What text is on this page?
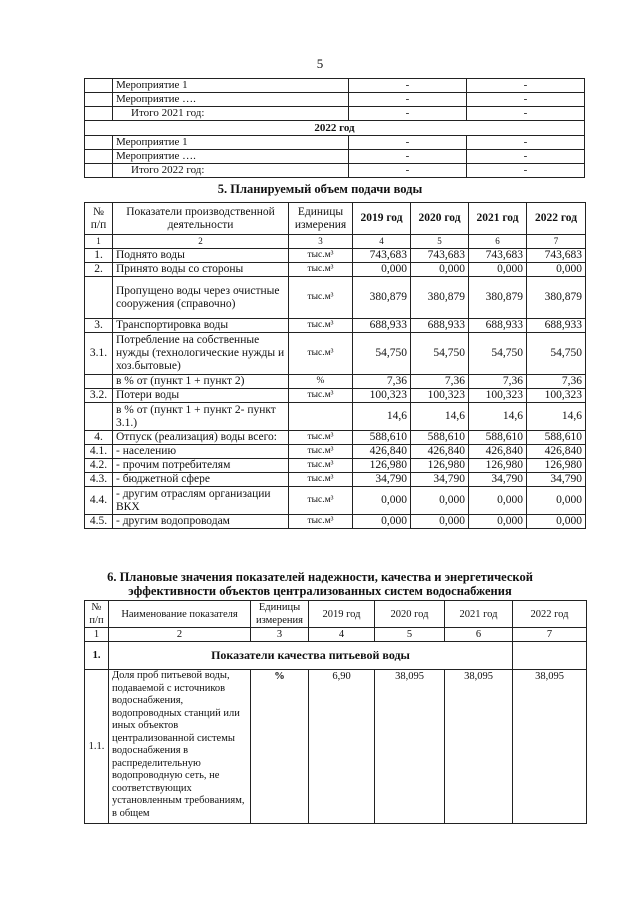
5
	Мероприятие 1	-	-
	Мероприятие ….	-	-
	Итого 2021 год:	-	-
2022 год			
	Мероприятие 1	-	-
	Мероприятие ….	-	-
	Итого 2022 год:	-	-
5. Планируемый объем подачи воды
№ п/п	Показатели производственной деятельности	Единицы измерения	2019 год	2020 год	2021 год	2022 год
1	2	3	4	5	6	7
1.	Поднято воды	тыс.м³	743,683	743,683	743,683	743,683
2.	Принято воды со стороны	тыс.м³	0,000	0,000	0,000	0,000
	Пропущено воды через очистные сооружения (справочно)	тыс.м³	380,879	380,879	380,879	380,879
3.	Транспортировка воды	тыс.м³	688,933	688,933	688,933	688,933
3.1.	Потребление на собственные нужды (технологические нужды и хоз.бытовые)	тыс.м³	54,750	54,750	54,750	54,750
	в % от (пункт 1 + пункт 2)	%	7,36	7,36	7,36	7,36
3.2.	Потери воды	тыс.м³	100,323	100,323	100,323	100,323
	в % от (пункт 1 + пункт 2- пункт 3.1.)		14,6	14,6	14,6	14,6
4.	Отпуск (реализация) воды всего:	тыс.м³	588,610	588,610	588,610	588,610
4.1.	- населению	тыс.м³	426,840	426,840	426,840	426,840
4.2.	- прочим потребителям	тыс.м³	126,980	126,980	126,980	126,980
4.3.	- бюджетной сфере	тыс.м³	34,790	34,790	34,790	34,790
4.4.	- другим отраслям организации ВКХ	тыс.м³	0,000	0,000	0,000	0,000
4.5.	- другим водопроводам	тыс.м³	0,000	0,000	0,000	0,000
6. Плановые значения показателей надежности, качества и энергетической
эффективности объектов централизованных систем водоснабжения
№ п/п	Наименование показателя	Единицы измерения	2019 год	2020 год	2021 год	2022 год
1	2	3	4	5	6	7
1.	Показатели качества питьевой воды					
1.1.	Доля проб питьевой воды, подаваемой с источников водоснабжения, водопроводных станций или иных объектов централизованной системы водоснабжения в распределительную водопроводную сеть, не соответствующих установленным требованиям, в общем	%	6,90	38,095	38,095	38,095
